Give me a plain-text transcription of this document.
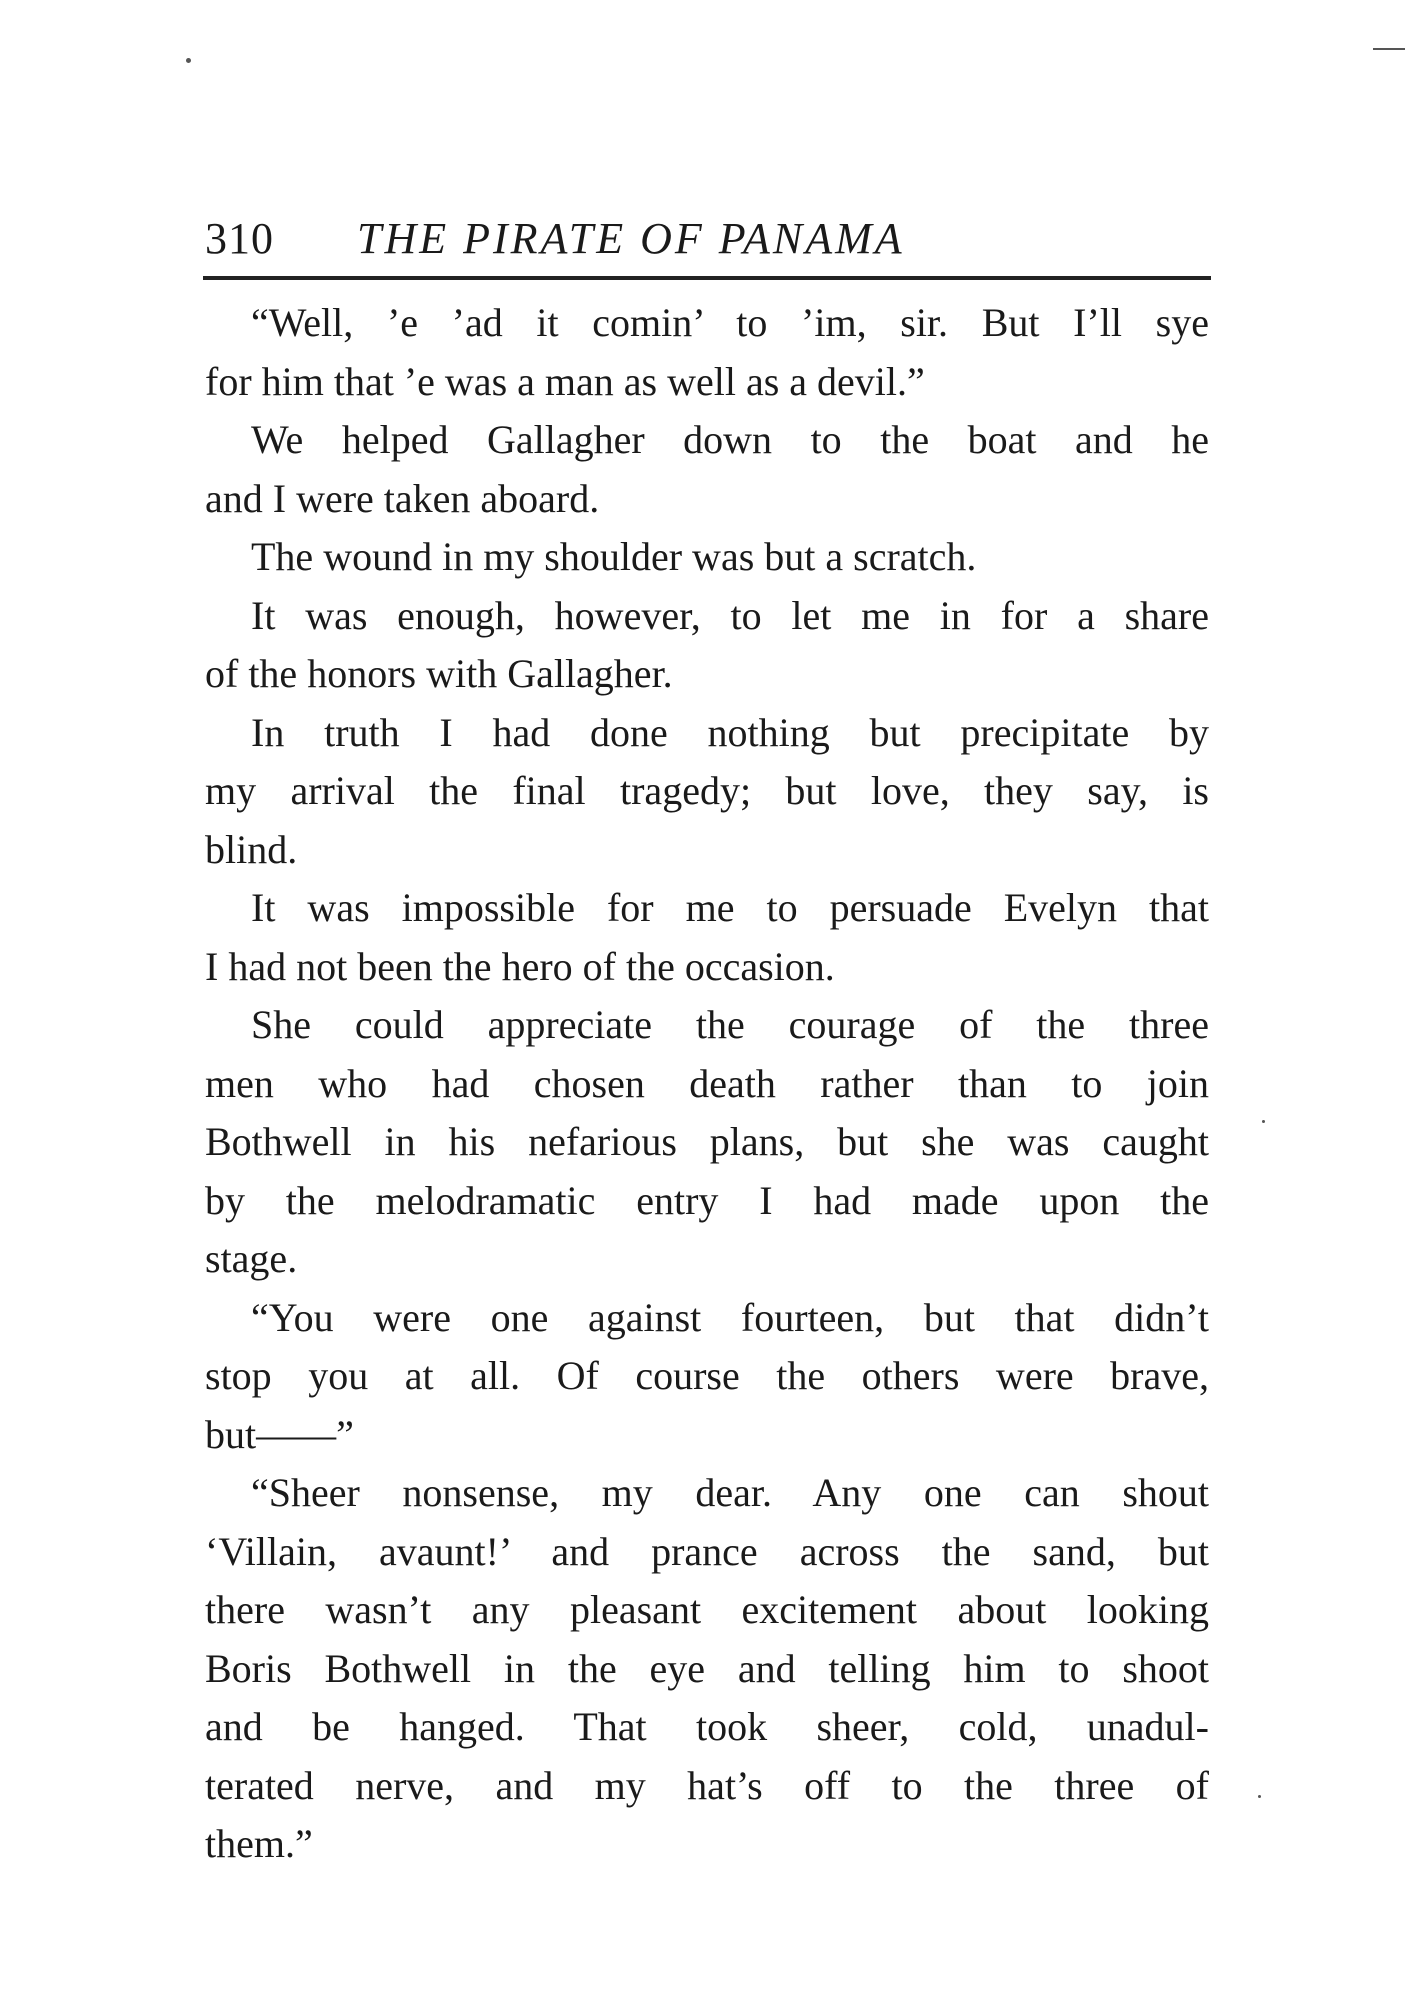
310 THE PIRATE OF PANAMA
“Well, ’e ’ad it comin’ to ’im, sir. But I’ll sye
for him that ’e was a man as well as a devil.”
We helped Gallagher down to the boat and he
and I were taken aboard.
The wound in my shoulder was but a scratch.
It was enough, however, to let me in for a share
of the honors with Gallagher.
In truth I had done nothing but precipitate by
my arrival the final tragedy; but love, they say, is
blind.
It was impossible for me to persuade Evelyn that
I had not been the hero of the occasion.
She could appreciate the courage of the three
men who had chosen death rather than to join
Bothwell in his nefarious plans, but she was caught
by the melodramatic entry I had made upon the
stage.
“You were one against fourteen, but that didn’t
stop you at all. Of course the others were brave,
but——”
“Sheer nonsense, my dear. Any one can shout
‘Villain, avaunt!’ and prance across the sand, but
there wasn’t any pleasant excitement about looking
Boris Bothwell in the eye and telling him to shoot
and be hanged. That took sheer, cold, unadul-
terated nerve, and my hat’s off to the three of
them.”
